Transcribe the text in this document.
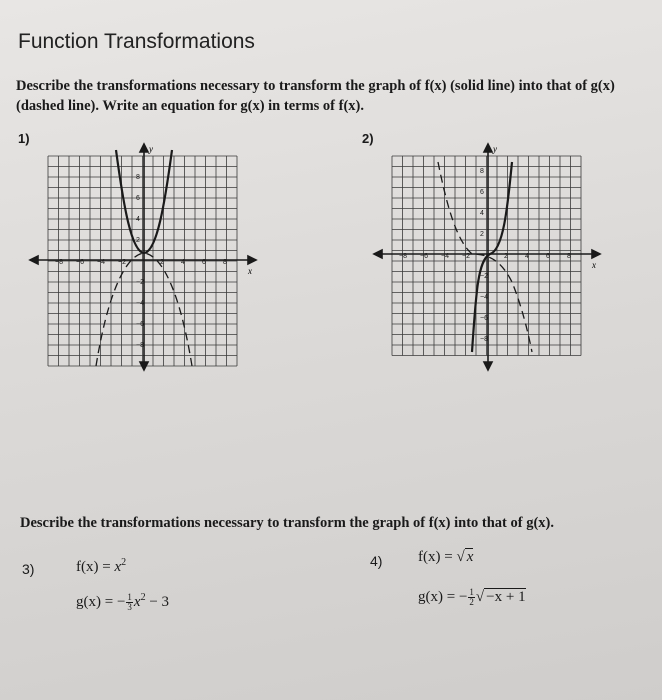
Function Transformations
Describe the transformations necessary to transform the graph of f(x) (solid line) into that of g(x) (dashed line). Write an equation for g(x) in terms of f(x).
1)	2)
x
y
−8 −6 −4 −2	2 4 6 8
8
6
4
2
−2
−4
−6
−8
x
y
−8 −6 −4 −2	2 4 6 8
8
6
4
2
−2
−4
−6
−8
Describe the transformations necessary to transform the graph of f(x) into that of g(x).
3)	$f(x) = x^2$
g(x) = − $\frac{1}{3} x^2 - 3$
4) f(x) = √ x
g(x) = − $\frac{1}{2}$ √ −x + 1
